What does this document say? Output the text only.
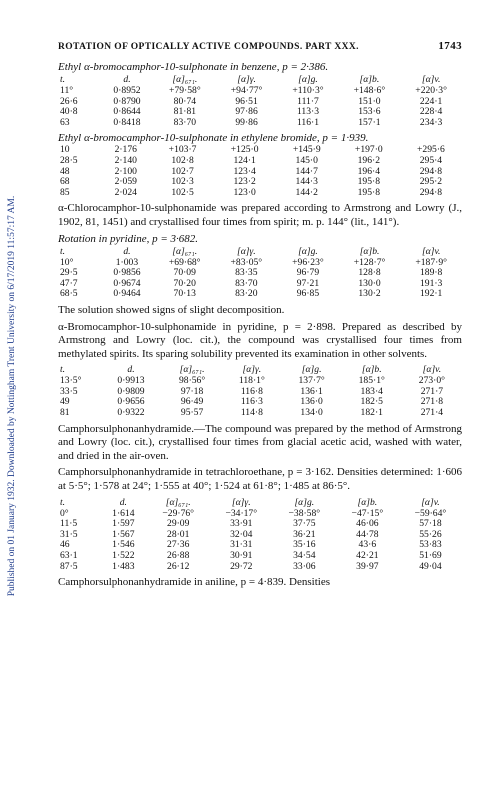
Published on 01 January 1932. Downloaded by Nottingham Trent University on 6/17/2019 11:57:17 AM.
ROTATION OF OPTICALLY ACTIVE COMPOUNDS. PART XXX.	1743
Ethyl α-bromocamphor-10-sulphonate in benzene, p = 2·386.
t.	d.	[α]₆₇₁.	[α]γ.	[α]g.	[α]b.	[α]v.
11°	0·8952	+79·58°	+94·77°	+110·3°	+148·6°	+220·3°
26·6	0·8790	80·74	96·51	111·7	151·0	224·1
40·8	0·8644	81·81	97·86	113·3	153·6	228·4
63	0·8418	83·70	99·86	116·1	157·1	234·3
Ethyl α-bromocamphor-10-sulphonate in ethylene bromide, p = 1·939.
10	2·176	+103·7	+125·0	+145·9	+197·0	+295·6
28·5	2·140	102·8	124·1	145·0	196·2	295·4
48	2·100	102·7	123·4	144·7	196·4	294·8
68	2·059	102·3	123·2	144·3	195·8	295·2
85	2·024	102·5	123·0	144·2	195·8	294·8

α-Chlorocamphor-10-sulphonamide was prepared according to Armstrong and Lowry (J., 1902, 81, 1451) and crystallised four times from spirit; m. p. 144° (lit., 141°).

Rotation in pyridine, p = 3·682.
t.	d.	[α]₆₇₁.	[α]γ.	[α]g.	[α]b.	[α]v.
10°	1·003	+69·68°	+83·05°	+96·23°	+128·7°	+187·9°
29·5	0·9856	70·09	83·35	96·79	128·8	189·8
47·7	0·9674	70·20	83·70	97·21	130·0	191·3
68·5	0·9464	70·13	83·20	96·85	130·2	192·1

The solution showed signs of slight decomposition.

α-Bromocamphor-10-sulphonamide in pyridine, p = 2·898. Prepared as described by Armstrong and Lowry (loc. cit.), the compound was crystallised four times from methylated spirits. Its sparing solubility prevented its examination in other solvents.

t.	d.	[α]₆₇₁.	[α]γ.	[α]g.	[α]b.	[α]v.
13·5°	0·9913	98·56°	118·1°	137·7°	185·1°	273·0°
33·5	0·9809	97·18	116·8	136·1	183·4	271·7
49	0·9656	96·49	116·3	136·0	182·5	271·8
81	0·9322	95·57	114·8	134·0	182·1	271·4

Camphorsulphonanhydramide.—The compound was prepared by the method of Armstrong and Lowry (loc. cit.), crystallised four times from glacial acetic acid, washed with water, and dried in the air-oven.

Camphorsulphonanhydramide in tetrachloroethane, p = 3·162. Densities determined: 1·606 at 5·5°; 1·578 at 24°; 1·555 at 40°; 1·524 at 61·8°; 1·485 at 86·5°.

t.	d.	[α]₆₇₁.	[α]γ.	[α]g.	[α]b.	[α]v.
0°	1·614	−29·76°	−34·17°	−38·58°	−47·15°	−59·64°
11·5	1·597	29·09	33·91	37·75	46·06	57·18
31·5	1·567	28·01	32·04	36·21	44·78	55·26
46	1·546	27·36	31·31	35·16	43·6	53·83
63·1	1·522	26·88	30·91	34·54	42·21	51·69
87·5	1·483	26·12	29·72	33·06	39·97	49·04

Camphorsulphonanhydramide in aniline, p = 4·839. Densities
